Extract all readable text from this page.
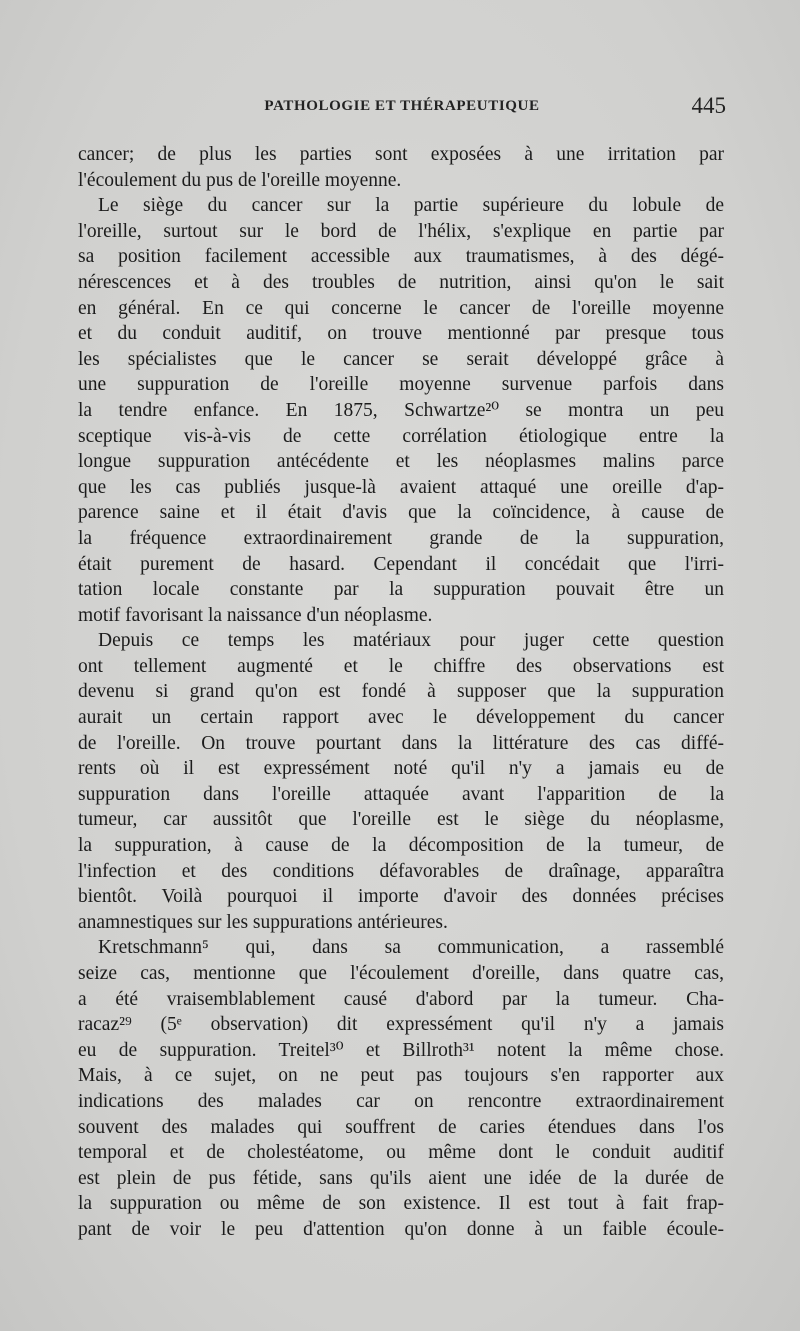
PATHOLOGIE ET THÉRAPEUTIQUE	445
cancer; de plus les parties sont exposées à une irritation par
l'écoulement du pus de l'oreille moyenne.
Le siège du cancer sur la partie supérieure du lobule de
l'oreille, surtout sur le bord de l'hélix, s'explique en partie par
sa position facilement accessible aux traumatismes, à des dégé-
nérescences et à des troubles de nutrition, ainsi qu'on le sait
en général. En ce qui concerne le cancer de l'oreille moyenne
et du conduit auditif, on trouve mentionné par presque tous
les spécialistes que le cancer se serait développé grâce à
une suppuration de l'oreille moyenne survenue parfois dans
la tendre enfance. En 1875, Schwartze²⁰ se montra un peu
sceptique vis-à-vis de cette corrélation étiologique entre la
longue suppuration antécédente et les néoplasmes malins parce
que les cas publiés jusque-là avaient attaqué une oreille d'ap-
parence saine et il était d'avis que la coïncidence, à cause de
la fréquence extraordinairement grande de la suppuration,
était purement de hasard. Cependant il concédait que l'irri-
tation locale constante par la suppuration pouvait être un
motif favorisant la naissance d'un néoplasme.
Depuis ce temps les matériaux pour juger cette question
ont tellement augmenté et le chiffre des observations est
devenu si grand qu'on est fondé à supposer que la suppuration
aurait un certain rapport avec le développement du cancer
de l'oreille. On trouve pourtant dans la littérature des cas diffé-
rents où il est expressément noté qu'il n'y a jamais eu de
suppuration dans l'oreille attaquée avant l'apparition de la
tumeur, car aussitôt que l'oreille est le siège du néoplasme,
la suppuration, à cause de la décomposition de la tumeur, de
l'infection et des conditions défavorables de draînage, apparaîtra
bientôt. Voilà pourquoi il importe d'avoir des données précises
anamnestiques sur les suppurations antérieures.
Kretschmann⁵ qui, dans sa communication, a rassemblé
seize cas, mentionne que l'écoulement d'oreille, dans quatre cas,
a été vraisemblablement causé d'abord par la tumeur. Cha-
racaz²⁹ (5ᵉ observation) dit expressément qu'il n'y a jamais
eu de suppuration. Treitel³⁰ et Billroth³¹ notent la même chose.
Mais, à ce sujet, on ne peut pas toujours s'en rapporter aux
indications des malades car on rencontre extraordinairement
souvent des malades qui souffrent de caries étendues dans l'os
temporal et de cholestéatome, ou même dont le conduit auditif
est plein de pus fétide, sans qu'ils aient une idée de la durée de
la suppuration ou même de son existence. Il est tout à fait frap-
pant de voir le peu d'attention qu'on donne à un faible écoule-
